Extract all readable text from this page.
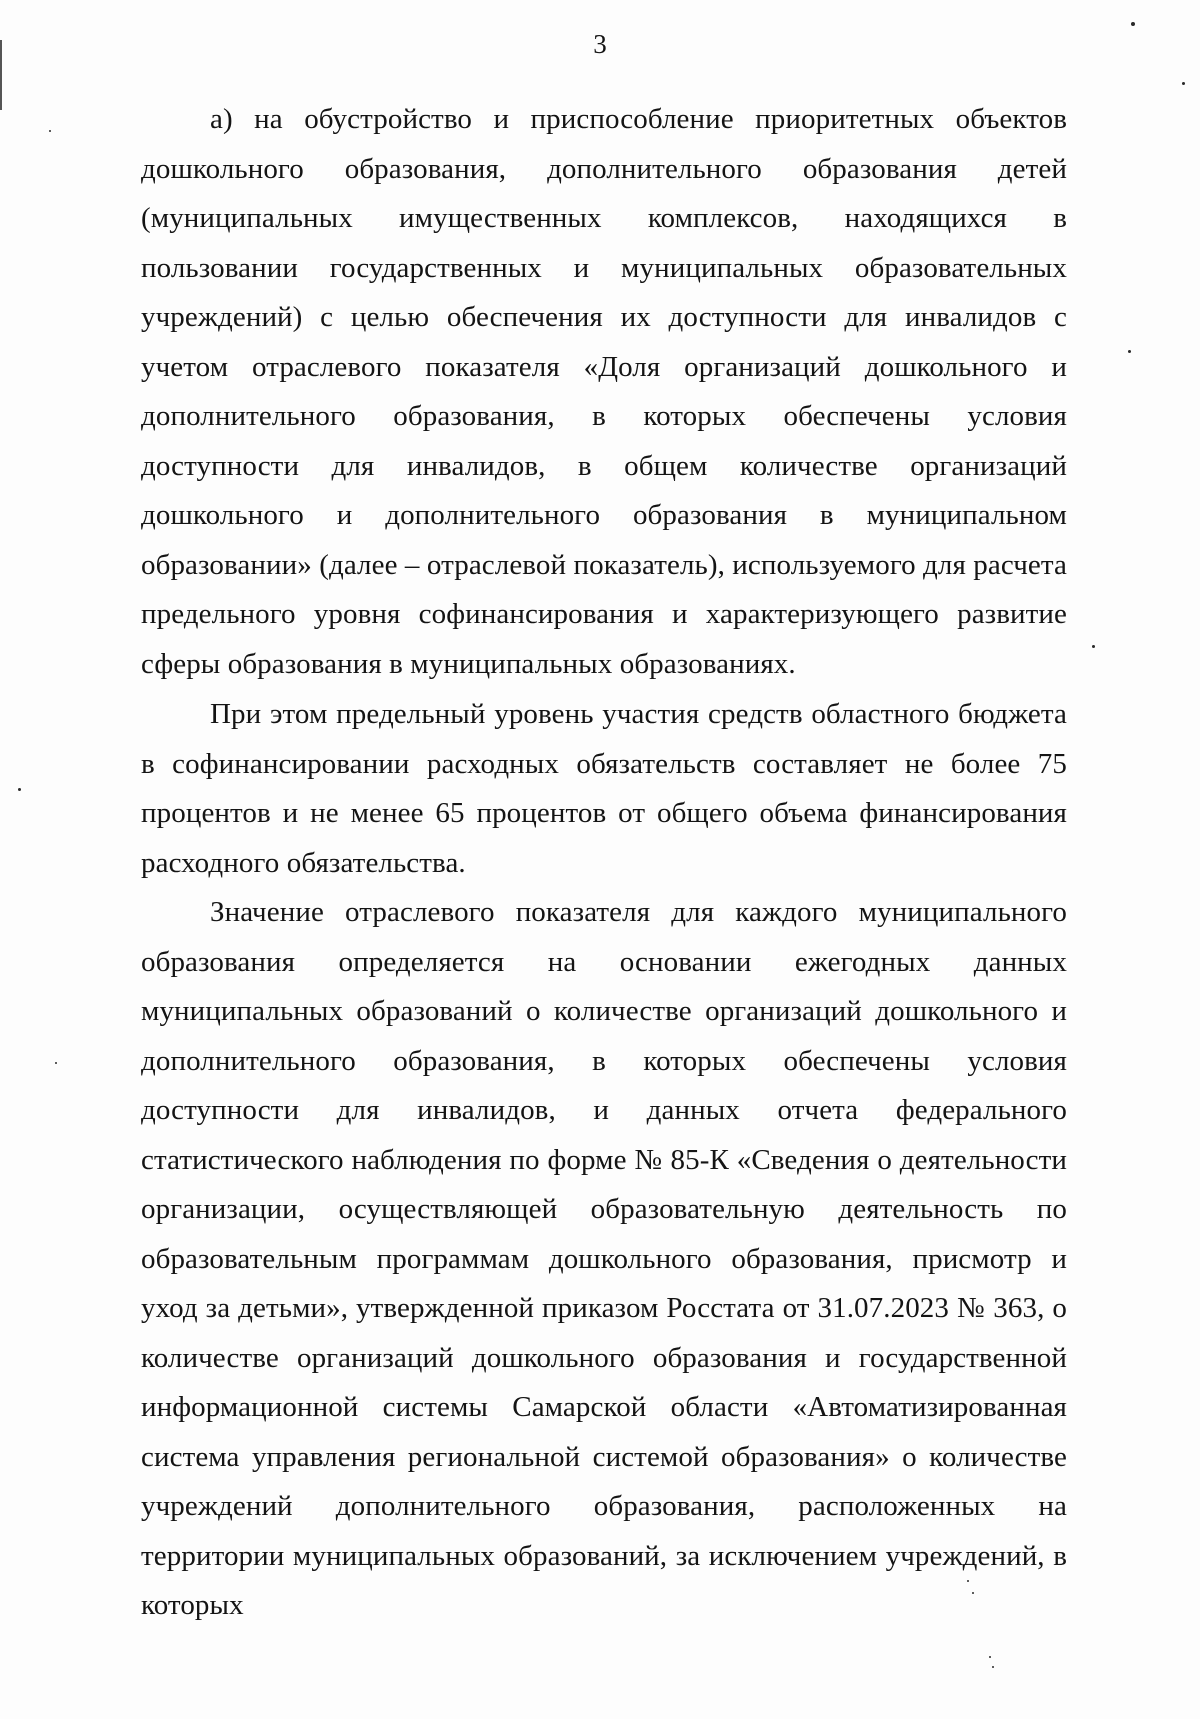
3

а) на обустройство и приспособление приоритетных объектов дошкольного образования, дополнительного образования детей (муниципальных имущественных комплексов, находящихся в пользовании государственных и муниципальных образовательных учреждений) с целью обеспечения их доступности для инвалидов с учетом отраслевого показателя «Доля организаций дошкольного и дополнительного образования, в которых обеспечены условия доступности для инвалидов, в общем количестве организаций дошкольного и дополнительного образования в муниципальном образовании» (далее – отраслевой показатель), используемого для расчета предельного уровня софинансирования и характеризующего развитие сферы образования в муниципальных образованиях.

При этом предельный уровень участия средств областного бюджета в софинансировании расходных обязательств составляет не более 75 процентов и не менее 65 процентов от общего объема финансирования расходного обязательства.

Значение отраслевого показателя для каждого муниципального образования определяется на основании ежегодных данных муниципальных образований о количестве организаций дошкольного и дополнительного образования, в которых обеспечены условия доступности для инвалидов, и данных отчета федерального статистического наблюдения по форме № 85-К «Сведения о деятельности организации, осуществляющей образовательную деятельность по образовательным программам дошкольного образования, присмотр и уход за детьми», утвержденной приказом Росстата от 31.07.2023 № 363, о количестве организаций дошкольного образования и государственной информационной системы Самарской области «Автоматизированная система управления региональной системой образования» о количестве учреждений дополнительного образования, расположенных на территории муниципальных образований, за исключением учреждений, в которых
